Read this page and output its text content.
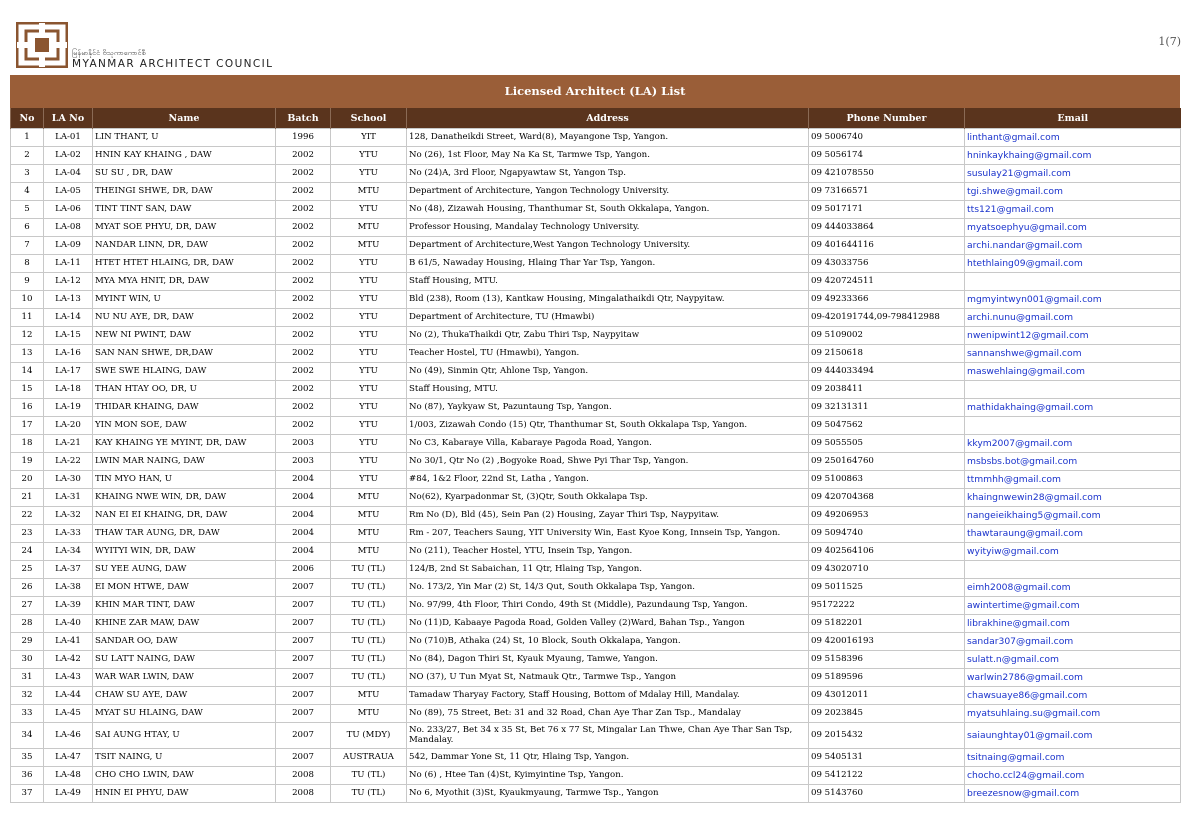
မြန်မာနိုင်ငံ ဗိသုကာကောင်စီ
MYANMAR ARCHITECT COUNCIL
1(7)
Licensed Architect (LA) List
No	LA No	Name	Batch	School	Address	Phone Number	Email
1	LA-01	LIN THANT, U	1996	YIT	128, Danatheikdi Street, Ward(8), Mayangone Tsp, Yangon.	09 5006740	linthant@gmail.com
2	LA-02	HNIN KAY KHAING , DAW	2002	YTU	No (26), 1st Floor, May Na Ka St, Tarmwe Tsp, Yangon.	09 5056174	hninkaykhaing@gmail.com
3	LA-04	SU SU , DR, DAW	2002	YTU	No (24)A, 3rd Floor, Ngapyawtaw St, Yangon Tsp.	09 421078550	susulay21@gmail.com
4	LA-05	THEINGI SHWE, DR, DAW	2002	MTU	Department of Architecture, Yangon Technology University.	09 73166571	tgi.shwe@gmail.com
5	LA-06	TINT TINT SAN, DAW	2002	YTU	No (48), Zizawah Housing, Thanthumar St, South Okkalapa, Yangon.	09 5017171	tts121@gmail.com
6	LA-08	MYAT SOE PHYU, DR, DAW	2002	MTU	Professor Housing, Mandalay Technology University.	09 444033864	myatsoephyu@gmail.com
7	LA-09	NANDAR LINN, DR, DAW	2002	MTU	Department of Architecture,West Yangon Technology University.	09 401644116	archi.nandar@gmail.com
8	LA-11	HTET HTET HLAING, DR, DAW	2002	YTU	B 61/5, Nawaday Housing, Hlaing Thar Yar Tsp, Yangon.	09 43033756	htethlaing09@gmail.com
9	LA-12	MYA MYA HNIT, DR, DAW	2002	YTU	Staff Housing, MTU.	09 420724511	
10	LA-13	MYINT WIN, U	2002	YTU	Bld (238), Room (13), Kantkaw Housing, Mingalathaikdi Qtr, Naypyitaw.	09 49233366	mgmyintwyn001@gmail.com
11	LA-14	NU NU AYE, DR, DAW	2002	YTU	Department of Architecture, TU (Hmawbi)	09-420191744,09-798412988	archi.nunu@gmail.com
12	LA-15	NEW NI PWINT, DAW	2002	YTU	No (2), ThukaThaikdi Qtr, Zabu Thiri Tsp, Naypyitaw	09 5109002	nwenipwint12@gmail.com
13	LA-16	SAN NAN SHWE, DR,DAW	2002	YTU	Teacher Hostel, TU (Hmawbi), Yangon.	09 2150618	sannanshwe@gmail.com
14	LA-17	SWE SWE HLAING, DAW	2002	YTU	No (49), Sinmin Qtr, Ahlone Tsp, Yangon.	09 444033494	maswehlaing@gmail.com
15	LA-18	THAN HTAY OO, DR, U	2002	YTU	Staff Housing, MTU.	09 2038411	
16	LA-19	THIDAR KHAING, DAW	2002	YTU	No (87), Yaykyaw St, Pazuntaung Tsp, Yangon.	09 32131311	mathidakhaing@gmail.com
17	LA-20	YIN MON SOE, DAW	2002	YTU	1/003, Zizawah Condo (15) Qtr, Thanthumar St, South Okkalapa Tsp, Yangon.	09 5047562	
18	LA-21	KAY KHAING YE MYINT, DR, DAW	2003	YTU	No C3, Kabaraye Villa, Kabaraye Pagoda Road, Yangon.	09 5055505	kkym2007@gmail.com
19	LA-22	LWIN MAR NAING, DAW	2003	YTU	No 30/1, Qtr No (2) ,Bogyoke Road, Shwe Pyi Thar Tsp, Yangon.	09 250164760	msbsbs.bot@gmail.com
20	LA-30	TIN MYO HAN, U	2004	YTU	#84, 1&2 Floor, 22nd St, Latha , Yangon.	09 5100863	ttmmhh@gmail.com
21	LA-31	KHAING NWE WIN, DR, DAW	2004	MTU	No(62), Kyarpadonmar St, (3)Qtr, South Okkalapa Tsp.	09 420704368	khaingnwewin28@gmail.com
22	LA-32	NAN EI EI KHAING, DR, DAW	2004	MTU	Rm No (D), Bld (45), Sein Pan (2) Housing, Zayar Thiri Tsp, Naypyitaw.	09 49206953	nangeieikhaing5@gmail.com
23	LA-33	THAW TAR AUNG, DR, DAW	2004	MTU	Rm - 207, Teachers Saung, YIT University Win, East Kyoe Kong, Innsein Tsp, Yangon.	09 5094740	thawtaraung@gmail.com
24	LA-34	WYITYI WIN, DR, DAW	2004	MTU	No (211), Teacher Hostel, YTU, Insein Tsp, Yangon.	09 402564106	wyityiw@gmail.com
25	LA-37	SU YEE AUNG, DAW	2006	TU (TL)	124/B, 2nd St Sabaichan, 11 Qtr, Hlaing Tsp, Yangon.	09 43020710	
26	LA-38	EI MON HTWE, DAW	2007	TU (TL)	No. 173/2, Yin Mar (2) St, 14/3 Qut, South Okkalapa Tsp, Yangon.	09 5011525	eimh2008@gmail.com
27	LA-39	KHIN MAR TINT, DAW	2007	TU (TL)	No. 97/99, 4th Floor, Thiri Condo, 49th St (Middle), Pazundaung Tsp, Yangon.	95172222	awintertime@gmail.com
28	LA-40	KHINE ZAR MAW, DAW	2007	TU (TL)	No (11)D, Kabaaye Pagoda Road, Golden Valley (2)Ward, Bahan Tsp., Yangon	09 5182201	librakhine@gmail.com
29	LA-41	SANDAR OO, DAW	2007	TU (TL)	No (710)B, Athaka (24) St, 10 Block, South Okkalapa, Yangon.	09 420016193	sandar307@gmail.com
30	LA-42	SU LATT NAING, DAW	2007	TU (TL)	No (84), Dagon Thiri St, Kyauk Myaung, Tamwe, Yangon.	09 5158396	sulatt.n@gmail.com
31	LA-43	WAR WAR LWIN, DAW	2007	TU (TL)	NO (37), U Tun Myat St, Natmauk Qtr., Tarmwe Tsp., Yangon	09 5189596	warlwin2786@gmail.com
32	LA-44	CHAW SU AYE, DAW	2007	MTU	Tamadaw Tharyay Factory, Staff Housing, Bottom of Mdalay Hill, Mandalay.	09 43012011	chawsuaye86@gmail.com
33	LA-45	MYAT SU HLAING, DAW	2007	MTU	No (89), 75 Street, Bet: 31 and 32 Road, Chan Aye Thar Zan Tsp., Mandalay	09 2023845	myatsuhlaing.su@gmail.com
34	LA-46	SAI AUNG HTAY, U	2007	TU (MDY)	No. 233/27, Bet 34 x 35 St, Bet 76 x 77 St, Mingalar Lan Thwe, Chan Aye Thar San Tsp, Mandalay.	09 2015432	saiaunghtay01@gmail.com
35	LA-47	TSIT NAING, U	2007	AUSTRAUA	542, Dammar Yone St, 11 Qtr, Hlaing Tsp, Yangon.	09 5405131	tsitnaing@gmail.com
36	LA-48	CHO CHO LWIN, DAW	2008	TU (TL)	No (6) , Htee Tan (4)St, Kyimyintine Tsp, Yangon.	09 5412122	chocho.ccl24@gmail.com
37	LA-49	HNIN EI PHYU, DAW	2008	TU (TL)	No 6, Myothit (3)St, Kyaukmyaung, Tarmwe Tsp., Yangon	09 5143760	breezesnow@gmail.com
